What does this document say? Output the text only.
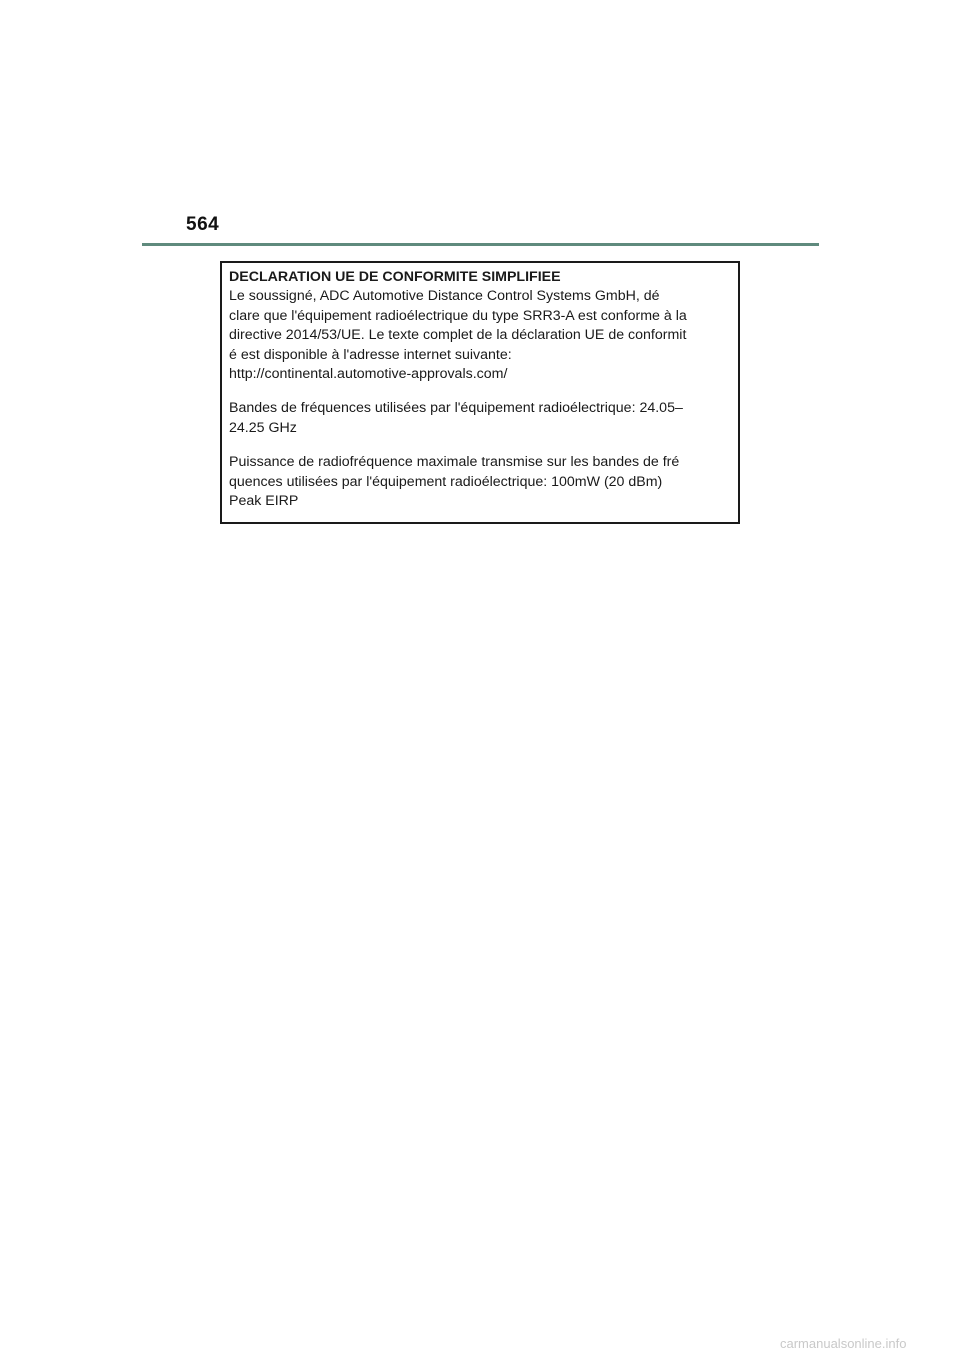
564

DECLARATION UE DE CONFORMITE SIMPLIFIEE

Le soussigné, ADC Automotive Distance Control Systems GmbH, dé

clare que l'équipement radioélectrique du type SRR3-A est conforme à la

directive 2014/53/UE. Le texte complet de la déclaration UE de conformit

é est disponible à l'adresse internet suivante:

http://continental.automotive-approvals.com/

Bandes de fréquences utilisées par l'équipement radioélectrique: 24.05–

24.25 GHz

Puissance de radiofréquence maximale transmise sur les bandes de fré

quences utilisées par l'équipement radioélectrique: 100mW (20 dBm)

Peak EIRP

carmanualsonline.info
